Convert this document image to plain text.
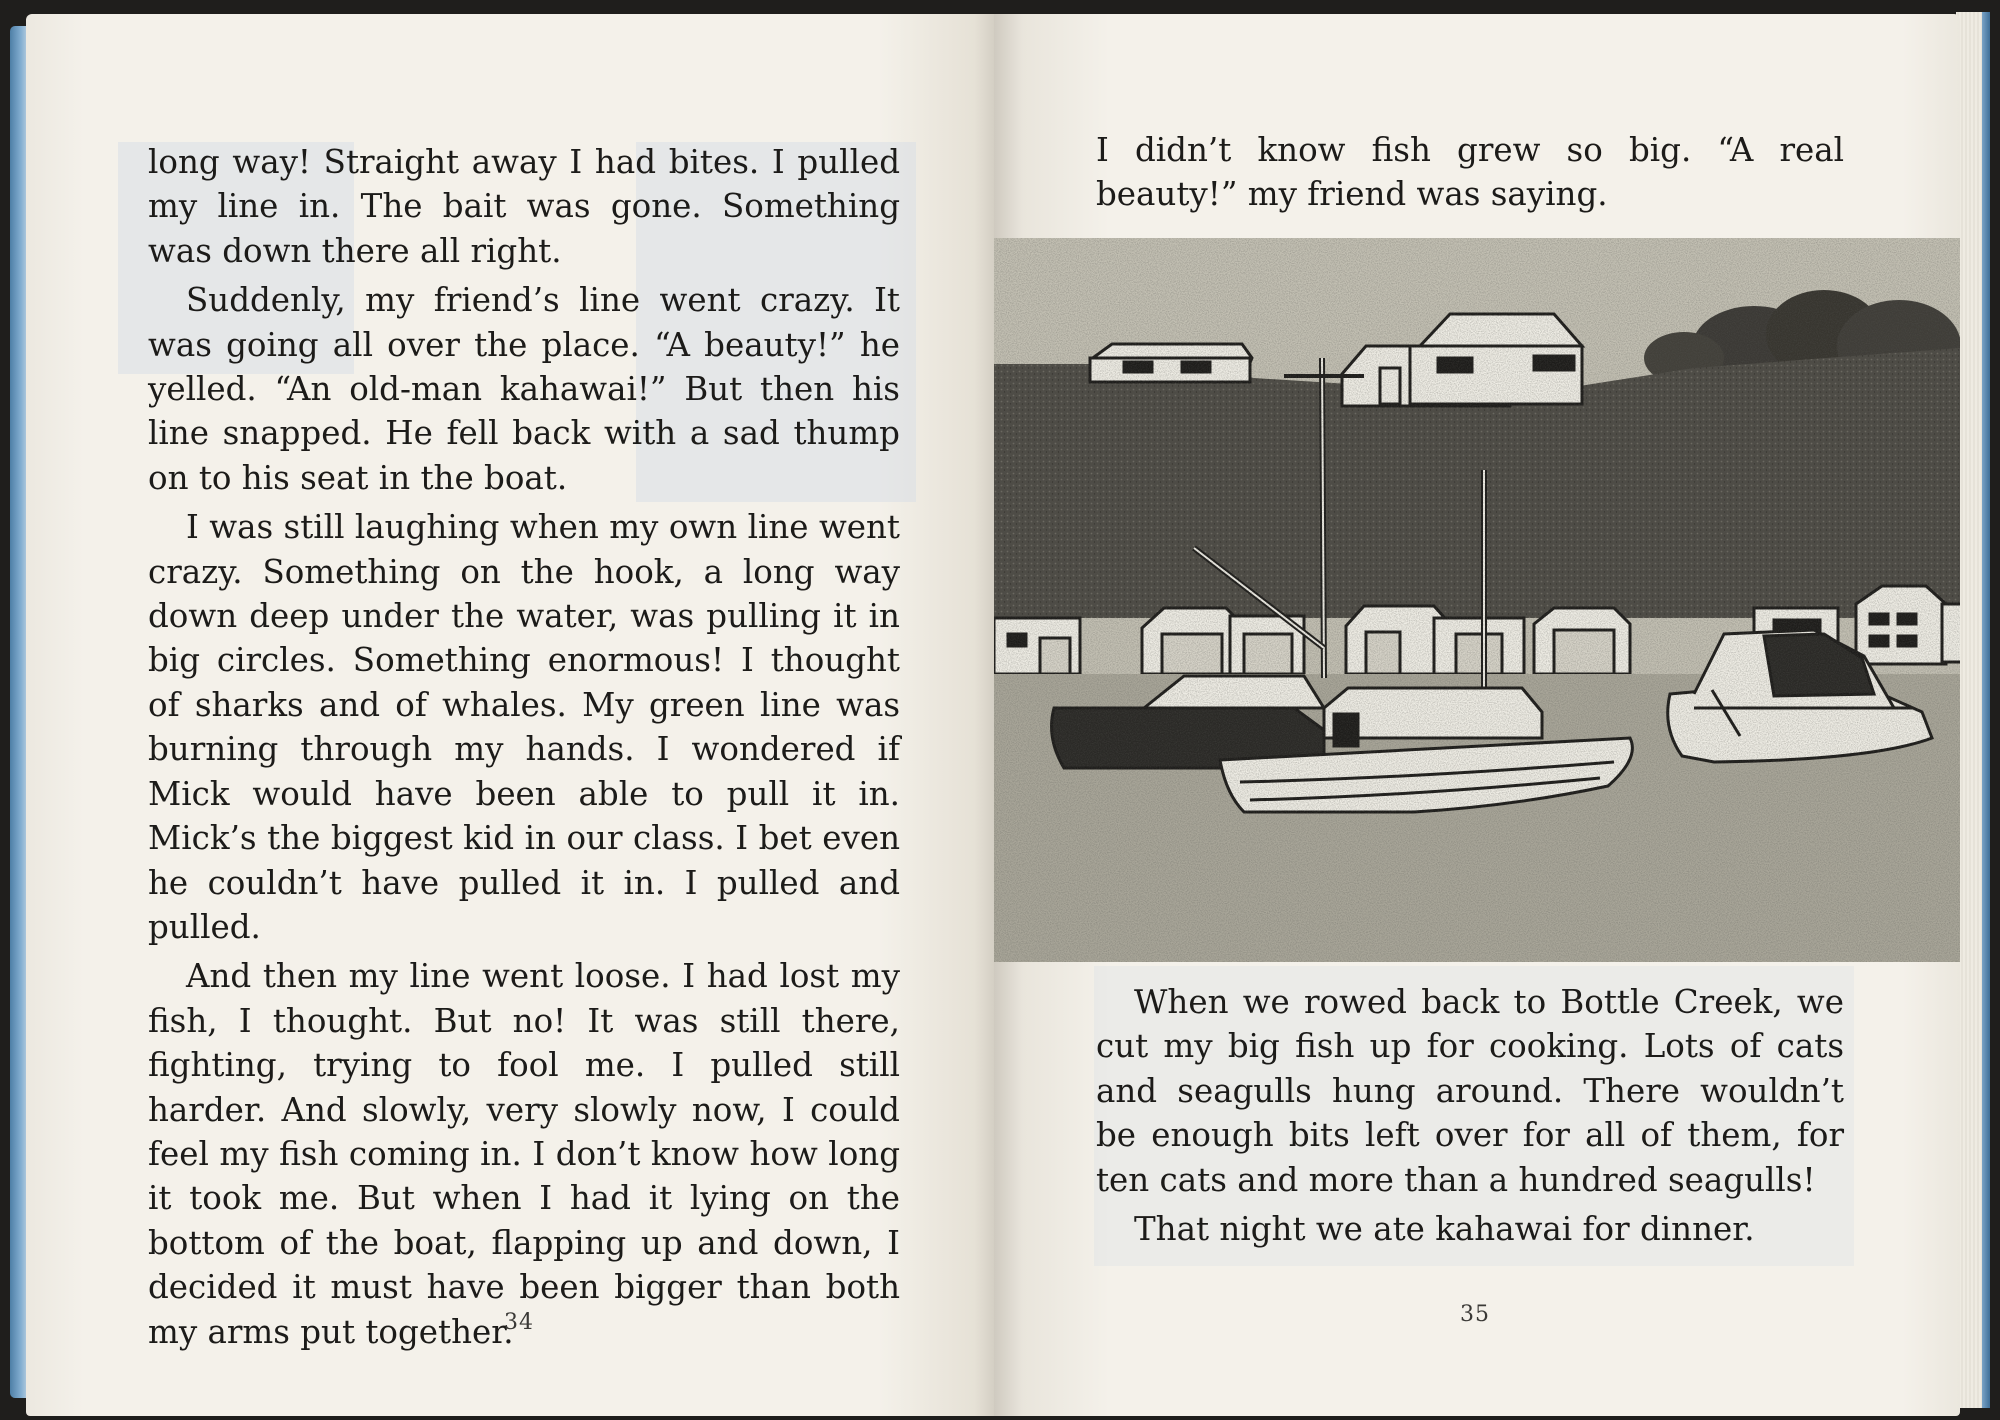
long way! Straight away I had bites. I pulled my line in. The bait was gone. Something was down there all right.

Suddenly, my friend’s line went crazy. It was going all over the place. “A beauty!” he yelled. “An old-man kahawai!” But then his line snapped. He fell back with a sad thump on to his seat in the boat.

I was still laughing when my own line went crazy. Something on the hook, a long way down deep under the water, was pulling it in big circles. Something enormous! I thought of sharks and of whales. My green line was burning through my hands. I wondered if Mick would have been able to pull it in. Mick’s the biggest kid in our class. I bet even he couldn’t have pulled it in. I pulled and pulled.

And then my line went loose. I had lost my fish, I thought. But no! It was still there, fighting, trying to fool me. I pulled still harder. And slowly, very slowly now, I could feel my fish coming in. I don’t know how long it took me. But when I had it lying on the bottom of the boat, flapping up and down, I decided it must have been bigger than both my arms put together.

34

I didn’t know fish grew so big. “A real beauty!” my friend was saying.

When we rowed back to Bottle Creek, we cut my big fish up for cooking. Lots of cats and seagulls hung around. There wouldn’t be enough bits left over for all of them, for ten cats and more than a hundred seagulls!

That night we ate kahawai for dinner.

35
